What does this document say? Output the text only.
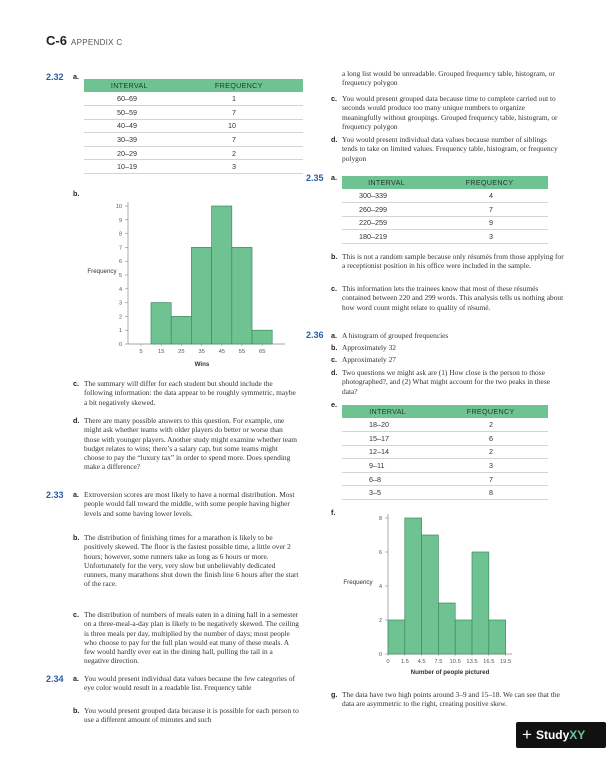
C-6 APPENDIX C
2.32 a.
INTERVAL	FREQUENCY
60–69	1
50–59	7
40–49	10
30–39	7
20–29	2
10–19	3
b.
0
1
2
3
4
5
6
7
8
9
10
5	15 25 35 45 55 65
Frequency
Wins
c. The summary will differ for each student but should include the following information: the data appear to be roughly symmetric, maybe a bit negatively skewed.
d. There are many possible answers to this question. For example, one might ask whether teams with older players do better or worse than those with younger players. Another study might examine whether team budget relates to wins; there’s a salary cap, but some teams might choose to pay the “luxury tax” in order to spend more. Does spending make a difference?
2.33 a. Extroversion scores are most likely to have a normal distribution. Most people would fall toward the middle, with some people having higher levels and some having lower levels.
b. The distribution of finishing times for a marathon is likely to be positively skewed. The floor is the fastest possible time, a little over 2 hours; however, some runners take as long as 6 hours or more. Unfortunately for the very, very slow but unbelievably dedicated runners, many marathons shut down the finish line 6 hours after the start of the race.
c. The distribution of numbers of meals eaten in a dining hall in a semester on a three-meal-a-day plan is likely to be negatively skewed. The ceiling is three meals per day, multiplied by the number of days; most people who choose to pay for the full plan would eat many of these meals. A few would hardly ever eat in the dining hall, pulling the tail in a negative direction.
2.34 a. You would present individual data values because the few categories of eye color would result in a readable list. Frequency table
b. You would present grouped data because it is possible for each person to use a different amount of minutes and such
a long list would be unreadable. Grouped frequency table, histogram, or frequency polygon
c. You would present grouped data because time to complete carried out to seconds would produce too many unique numbers to organize meaningfully without groupings. Grouped frequency table, histogram, or frequency polygon
d. You would present individual data values because number of siblings tends to take on limited values. Frequency table, histogram, or frequency polygon
2.35 a.
INTERVAL	FREQUENCY
300–339	4
260–299	7
220–259	9
180–219	3
b. This is not a random sample because only résumés from those applying for a receptionist position in his office were included in the sample.
c. This information lets the trainees know that most of these résumés contained between 220 and 299 words. This analysis tells us nothing about how word count might relate to quality of résumé.
2.36 a. A histogram of grouped frequencies
b. Approximately 32
c. Approximately 27
d. Two questions we might ask are (1) How close is the person to those photographed?, and (2) What might account for the two peaks in these data?
e.
INTERVAL	FREQUENCY
18–20	2
15–17	6
12–14	2
9–11	3
6–8	7
3–5	8
f.
0
2
4
6
8
0 1.5 4.5 7.5 10.5 13.5 16.5 19.5
Frequency
Number of people pictured
g. The data have two high points around 3–9 and 15–18. We can see that the data are asymmetric to the right, creating positive skew.
+ Study XY
